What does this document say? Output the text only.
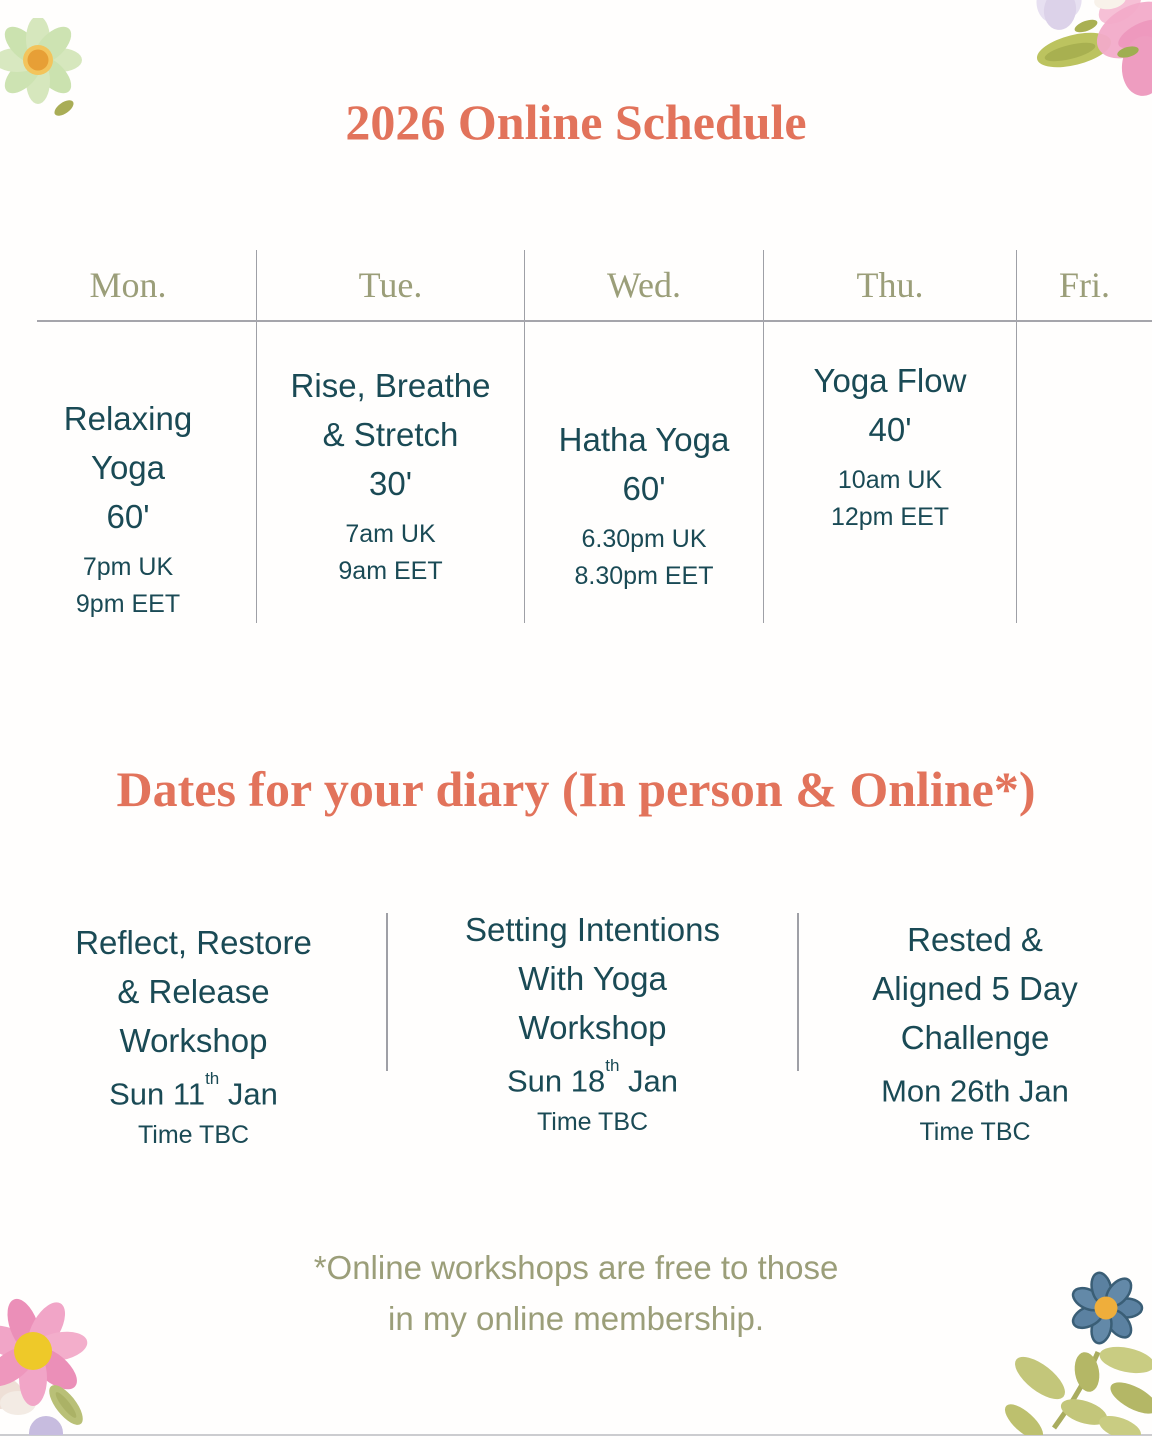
2026 Online Schedule
Mon.
Relaxing
Yoga
60'
7pm UK
9pm EET
Tue.
Rise, Breathe
& Stretch
30'
7am UK
9am EET
Wed.
Hatha Yoga
60'
6.30pm UK
8.30pm EET
Thu.
Yoga Flow
40'
10am UK
12pm EET
Fri.
Dates for your diary (In person & Online*)
Reflect, Restore
& Release
Workshop
Sun 11th Jan
Time TBC
Setting Intentions
With Yoga
Workshop
Sun 18th Jan
Time TBC
Rested &
Aligned 5 Day
Challenge
Mon 26th Jan
Time TBC
*Online workshops are free to those
in my online membership.
